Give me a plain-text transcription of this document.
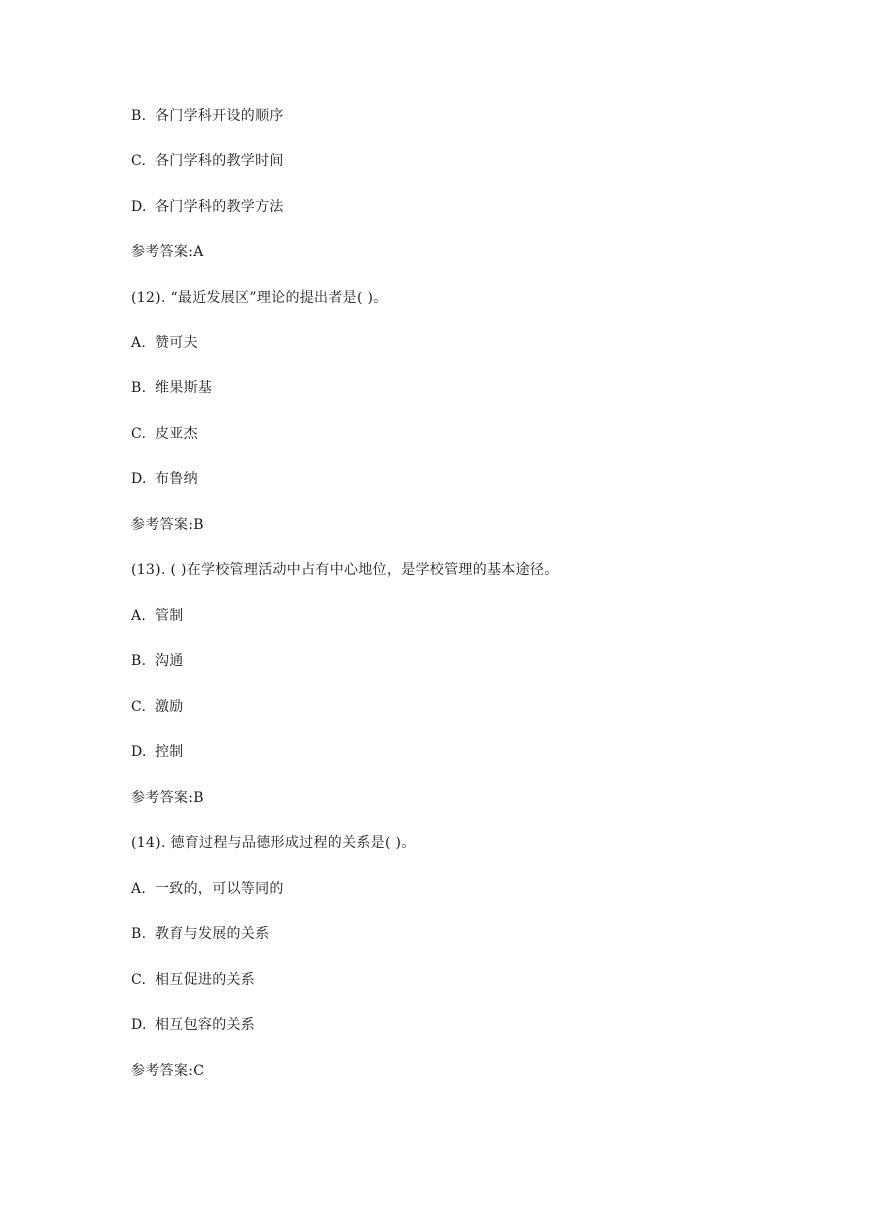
B. 各门学科开设的顺序
C. 各门学科的教学时间
D. 各门学科的教学方法
参考答案:A
(12). “最近发展区”理论的提出者是( )。
A. 赞可夫
B. 维果斯基
C. 皮亚杰
D. 布鲁纳
参考答案:B
(13). ( )在学校管理活动中占有中心地位，是学校管理的基本途径。
A. 管制
B. 沟通
C. 激励
D. 控制
参考答案:B
(14). 德育过程与品德形成过程的关系是( )。
A. 一致的，可以等同的
B. 教育与发展的关系
C. 相互促进的关系
D. 相互包容的关系
参考答案:C
